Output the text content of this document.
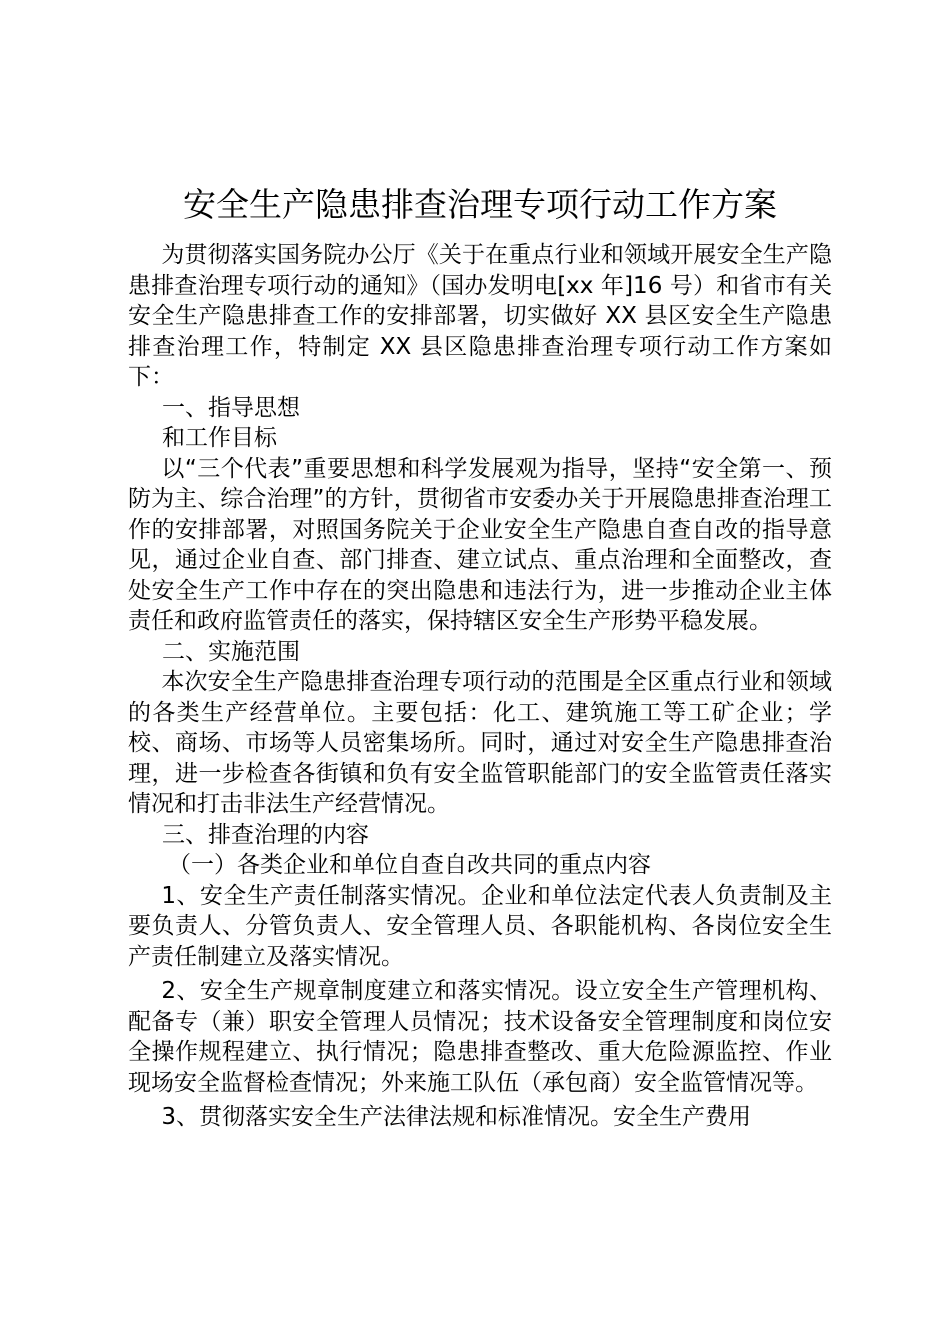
安全生产隐患排查治理专项行动工作方案

为贯彻落实国务院办公厅《关于在重点行业和领域开展安全生产隐患排查治理专项行动的通知》（国办发明电[xx 年]16 号）和省市有关安全生产隐患排查工作的安排部署，切实做好 XX 县区安全生产隐患排查治理工作，特制定 XX 县区隐患排查治理专项行动工作方案如下：

一、指导思想

和工作目标

以“三个代表”重要思想和科学发展观为指导，坚持“安全第一、预防为主、综合治理”的方针，贯彻省市安委办关于开展隐患排查治理工作的安排部署，对照国务院关于企业安全生产隐患自查自改的指导意见，通过企业自查、部门排查、建立试点、重点治理和全面整改，查处安全生产工作中存在的突出隐患和违法行为，进一步推动企业主体责任和政府监管责任的落实，保持辖区安全生产形势平稳发展。

二、实施范围

本次安全生产隐患排查治理专项行动的范围是全区重点行业和领域的各类生产经营单位。主要包括：化工、建筑施工等工矿企业；学校、商场、市场等人员密集场所。同时，通过对安全生产隐患排查治理，进一步检查各街镇和负有安全监管职能部门的安全监管责任落实情况和打击非法生产经营情况。

三、排查治理的内容

（一）各类企业和单位自查自改共同的重点内容

1、安全生产责任制落实情况。企业和单位法定代表人负责制及主要负责人、分管负责人、安全管理人员、各职能机构、各岗位安全生产责任制建立及落实情况。

2、安全生产规章制度建立和落实情况。设立安全生产管理机构、配备专（兼）职安全管理人员情况；技术设备安全管理制度和岗位安全操作规程建立、执行情况；隐患排查整改、重大危险源监控、作业现场安全监督检查情况；外来施工队伍（承包商）安全监管情况等。

3、贯彻落实安全生产法律法规和标准情况。安全生产费用
